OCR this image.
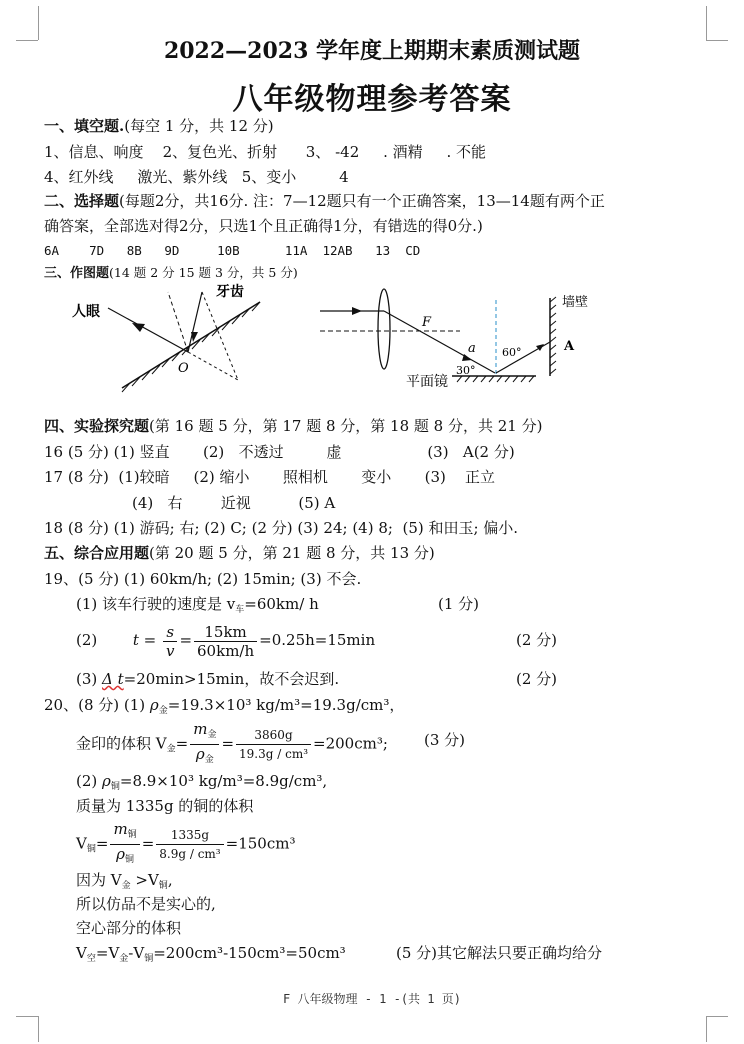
2022—2023 学年度上期期末素质测试题
八年级物理参考答案
一、填空题.(每空 1 分，共 12 分)
1、信息、响度    2、复色光、折射      3、 -42     . 酒精     . 不能
4、红外线     激光、紫外线   5、变小         4
二、选择题(每题2分，共16分. 注：7—12题只有一个正确答案，13—14题有两个正
确答案，全部选对得2分，只选1个且正确得1分，有错选的得0分.)
6A    7D   8B   9D     10B      11A  12AB   13  CD
三、作图题(14 题 2 分 15 题 3 分，共 5 分)
人眼
牙齿
O
F
a 60°
30°
平面镜
墙壁
A
四、实验探究题(第 16 题 5 分，第 17 题 8 分，第 18 题 8 分，共 21 分)
16 (5 分) (1) 竖直       (2)   不透过         虚                  (3)   A(2 分)
17 (8 分)  (1)较暗     (2) 缩小       照相机       变小       (3)    正立
(4)   右        近视          (5) A
18 (8 分) (1) 游码; 右; (2) C; (2 分) (3) 24; (4) 8;  (5) 和田玉; 偏小.
五、综合应用题(第 20 题 5 分，第 21 题 8 分，共 13 分)
19、(5 分) (1) 60km/h; (2) 15min; (3) 不会.
(1) 该车行驶的速度是 $v_车=60km/$ h	(1 分)
(2) $t = \frac{s}{v} = \frac{15km}{60km/h} =0.25h=15\min$	(2 分)
(3) Δ t=20min>15min，故不会迟到.	(2 分)
20、(8 分) (1) $\rho_金=19.3\times 10^3$ kg/m³=19.3g/cm³，
金印的体积 $V_金= \frac{m_金}{\rho_金} = \frac{3860g}{\text{19.3g / cm³}} =200cm^3$; (3 分)
(2) $\rho_铜=8.9\times 10^3$ kg/m³=8.9g/cm³,
质量为 1335g 的铜的体积
$V_铜= \frac{m_铜}{\rho_铜} = \frac{1335g}{\text{8.9g / cm³}} =150cm^3$
因为 $V_金 >V_铜$,
所以仿品不是实心的,
空心部分的体积
$V_空=V_金-V_铜=200cm^3-150cm^3=50cm^3$	(5 分)其它解法只要正确均给分
F 八年级物理 - 1 -(共 1 页)
